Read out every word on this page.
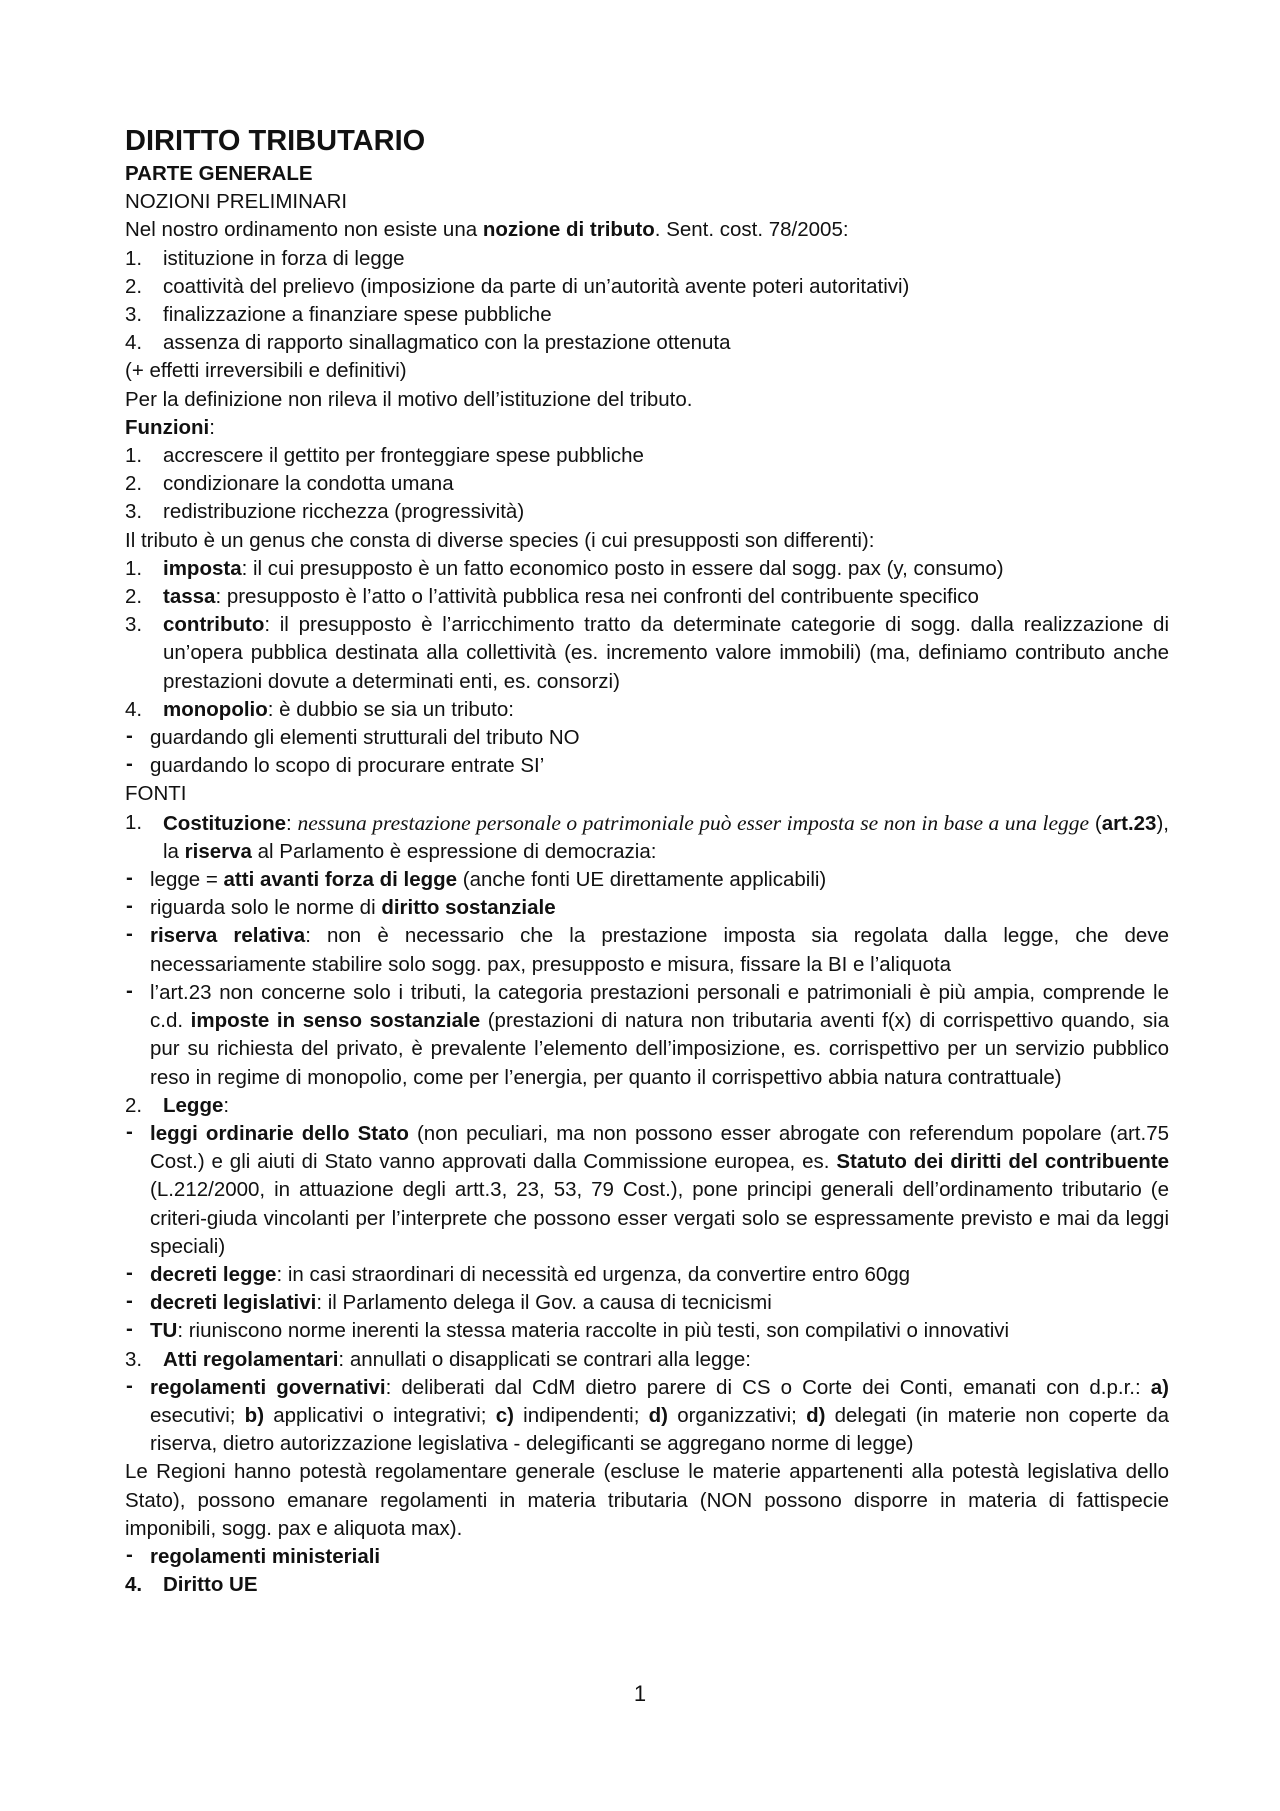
DIRITTO TRIBUTARIO
PARTE GENERALE
NOZIONI PRELIMINARI
Nel nostro ordinamento non esiste una nozione di tributo. Sent. cost. 78/2005:
1. istituzione in forza di legge
2. coattività del prelievo (imposizione da parte di un’autorità avente poteri autoritativi)
3. finalizzazione a finanziare spese pubbliche
4. assenza di rapporto sinallagmatico con la prestazione ottenuta
(+ effetti irreversibili e definitivi)
Per la definizione non rileva il motivo dell’istituzione del tributo.
Funzioni:
1. accrescere il gettito per fronteggiare spese pubbliche
2. condizionare la condotta umana
3. redistribuzione ricchezza (progressività)
Il tributo è un genus che consta di diverse species (i cui presupposti son differenti):
1. imposta: il cui presupposto è un fatto economico posto in essere dal sogg. pax (y, consumo)
2. tassa: presupposto è l’atto o l’attività pubblica resa nei confronti del contribuente specifico
3. contributo: il presupposto è l’arricchimento tratto da determinate categorie di sogg. dalla realizzazione di un’opera pubblica destinata alla collettività (es. incremento valore immobili) (ma, definiamo contributo anche prestazioni dovute a determinati enti, es. consorzi)
4. monopolio: è dubbio se sia un tributo:
- guardando gli elementi strutturali del tributo NO
- guardando lo scopo di procurare entrate SI’
FONTI
1. Costituzione: nessuna prestazione personale o patrimoniale può esser imposta se non in base a una legge (art.23), la riserva al Parlamento è espressione di democrazia:
- legge = atti avanti forza di legge (anche fonti UE direttamente applicabili)
- riguarda solo le norme di diritto sostanziale
- riserva relativa: non è necessario che la prestazione imposta sia regolata dalla legge, che deve necessariamente stabilire solo sogg. pax, presupposto e misura, fissare la BI e l’aliquota
- l’art.23 non concerne solo i tributi, la categoria prestazioni personali e patrimoniali è più ampia, comprende le c.d. imposte in senso sostanziale (prestazioni di natura non tributaria aventi f(x) di corrispettivo quando, sia pur su richiesta del privato, è prevalente l’elemento dell’imposizione, es. corrispettivo per un servizio pubblico reso in regime di monopolio, come per l’energia, per quanto il corrispettivo abbia natura contrattuale)
2. Legge:
- leggi ordinarie dello Stato (non peculiari, ma non possono esser abrogate con referendum popolare (art.75 Cost.) e gli aiuti di Stato vanno approvati dalla Commissione europea, es. Statuto dei diritti del contribuente (L.212/2000, in attuazione degli artt.3, 23, 53, 79 Cost.), pone principi generali dell’ordinamento tributario (e criteri-giuda vincolanti per l’interprete che possono esser vergati solo se espressamente previsto e mai da leggi speciali)
- decreti legge: in casi straordinari di necessità ed urgenza, da convertire entro 60gg
- decreti legislativi: il Parlamento delega il Gov. a causa di tecnicismi
- TU: riuniscono norme inerenti la stessa materia raccolte in più testi, son compilativi o innovativi
3. Atti regolamentari: annullati o disapplicati se contrari alla legge:
- regolamenti governativi: deliberati dal CdM dietro parere di CS o Corte dei Conti, emanati con d.p.r.: a) esecutivi; b) applicativi o integrativi; c) indipendenti; d) organizzativi; d) delegati (in materie non coperte da riserva, dietro autorizzazione legislativa - delegificanti se aggregano norme di legge)
Le Regioni hanno potestà regolamentare generale (escluse le materie appartenenti alla potestà legislativa dello Stato), possono emanare regolamenti in materia tributaria (NON possono disporre in materia di fattispecie imponibili, sogg. pax e aliquota max).
- regolamenti ministeriali
4. Diritto UE
1
